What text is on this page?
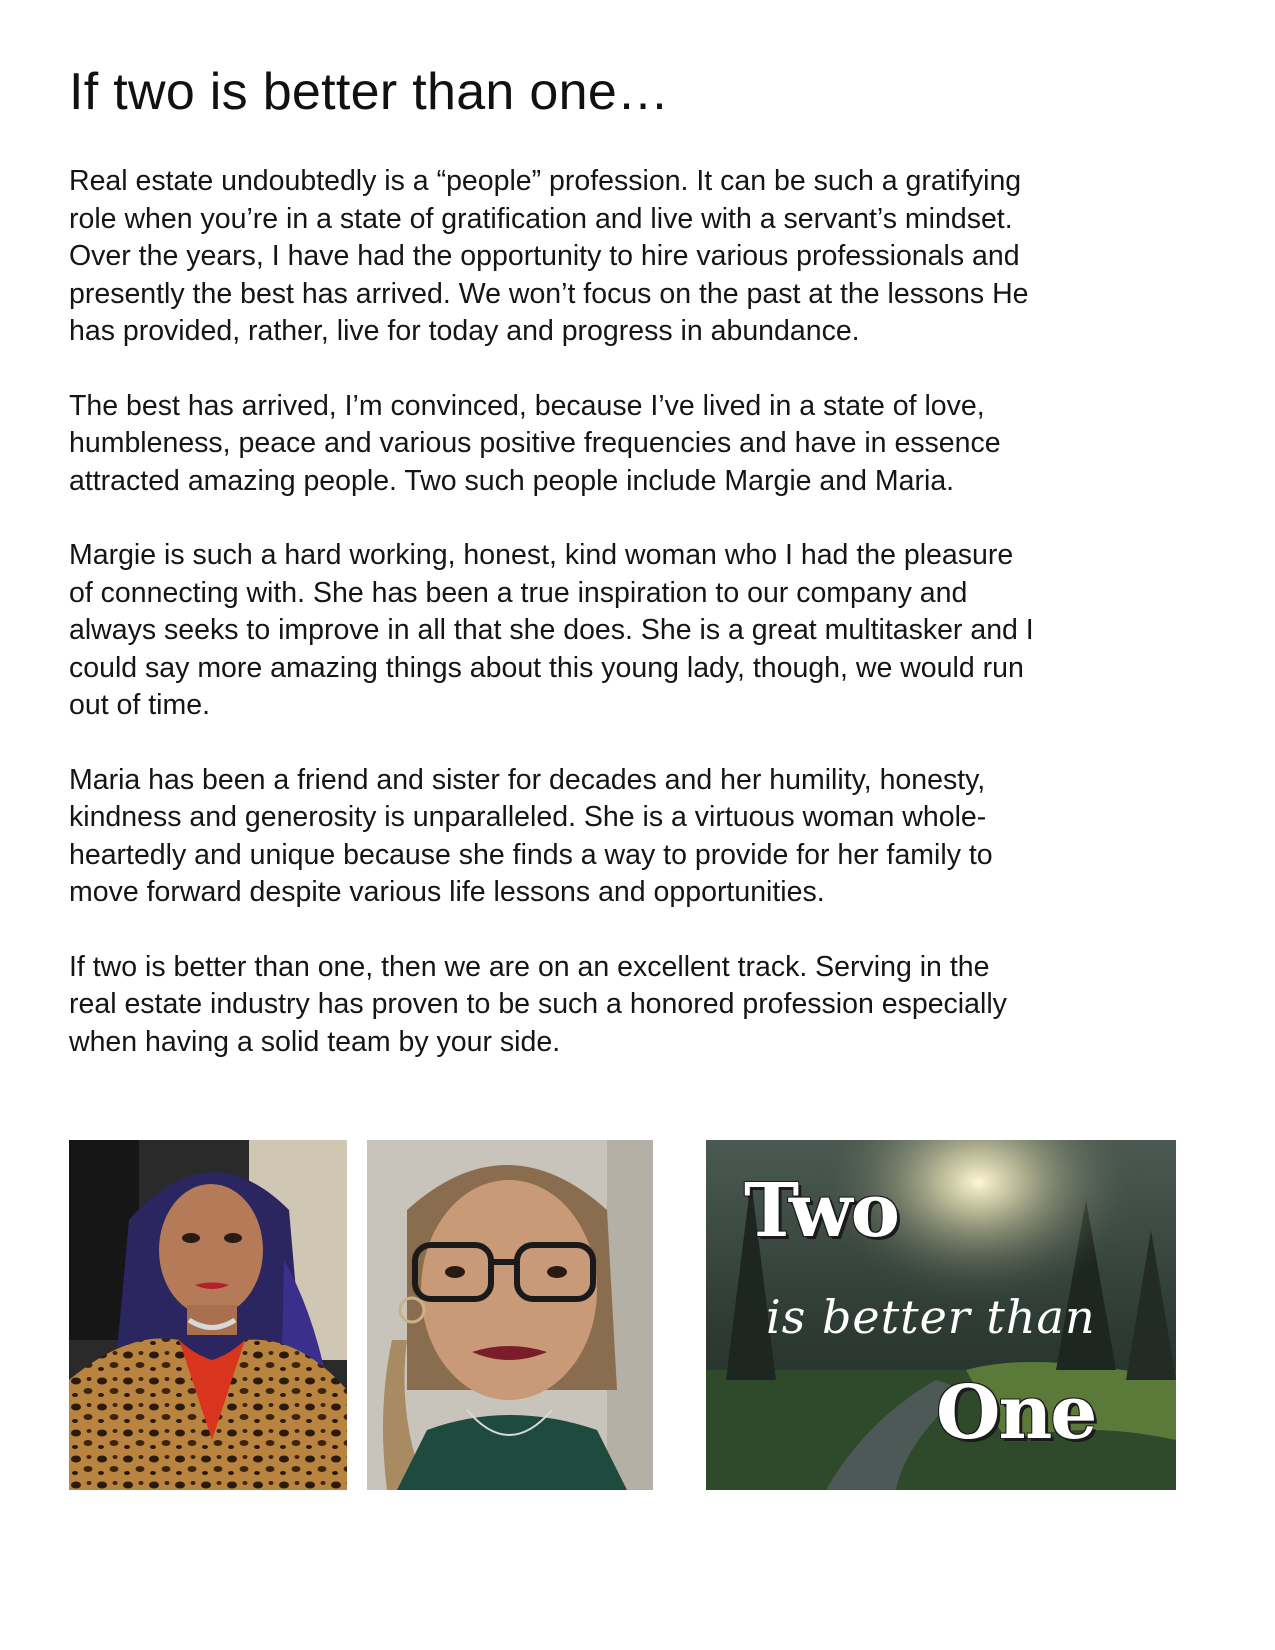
If two is better than one…

Real estate undoubtedly is a “people” profession. It can be such a gratifying
role when you’re in a state of gratification and live with a servant’s mindset.
Over the years, I have had the opportunity to hire various professionals and
presently the best has arrived. We won’t focus on the past at the lessons He
has provided, rather, live for today and progress in abundance.

The best has arrived, I’m convinced, because I’ve lived in a state of love,
humbleness, peace and various positive frequencies and have in essence
attracted amazing people. Two such people include Margie and Maria.

Margie is such a hard working, honest, kind woman who I had the pleasure
of connecting with. She has been a true inspiration to our company and
always seeks to improve in all that she does. She is a great multitasker and I
could say more amazing things about this young lady, though, we would run
out of time.

Maria has been a friend and sister for decades and her humility, honesty,
kindness and generosity is unparalleled. She is a virtuous woman whole-
heartedly and unique because she finds a way to provide for her family to
move forward despite various life lessons and opportunities.

If two is better than one, then we are on an excellent track. Serving in the
real estate industry has proven to be such a honored profession especially
when having a solid team by your side.

Two
is better than
One
